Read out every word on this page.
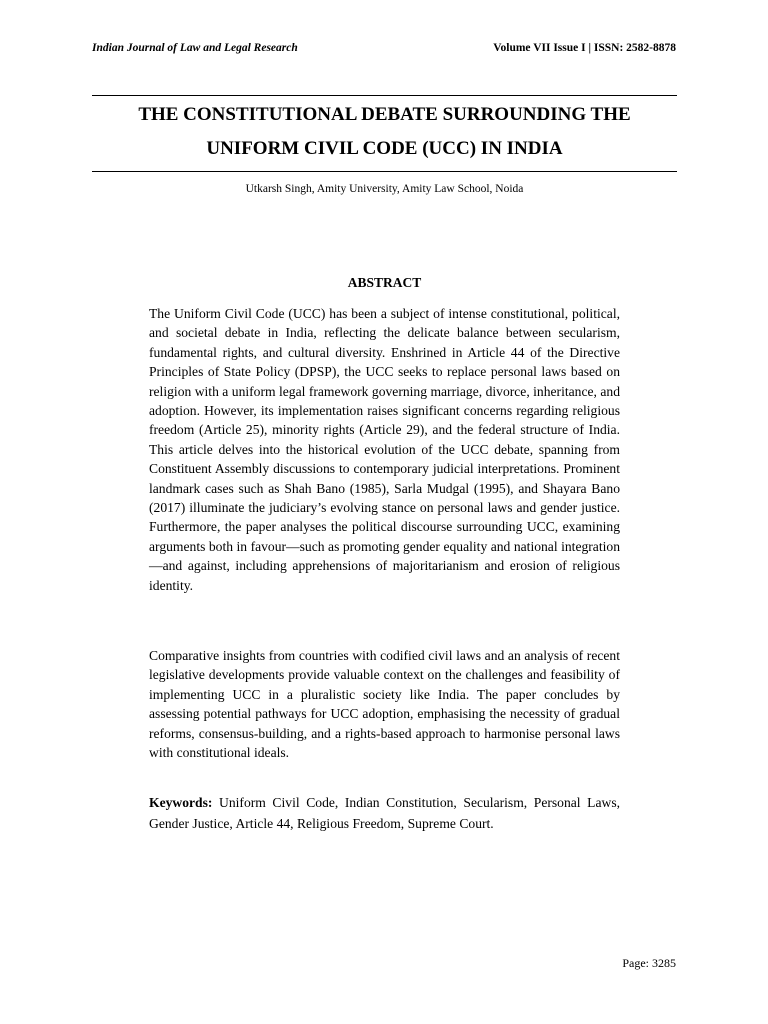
Indian Journal of Law and Legal Research	Volume VII Issue I | ISSN: 2582-8878
THE CONSTITUTIONAL DEBATE SURROUNDING THE
UNIFORM CIVIL CODE (UCC) IN INDIA
Utkarsh Singh, Amity University, Amity Law School, Noida
ABSTRACT

The Uniform Civil Code (UCC) has been a subject of intense constitutional, political, and societal debate in India, reflecting the delicate balance between secularism, fundamental rights, and cultural diversity. Enshrined in Article 44 of the Directive Principles of State Policy (DPSP), the UCC seeks to replace personal laws based on religion with a uniform legal framework governing marriage, divorce, inheritance, and adoption. However, its implementation raises significant concerns regarding religious freedom (Article 25), minority rights (Article 29), and the federal structure of India. This article delves into the historical evolution of the UCC debate, spanning from Constituent Assembly discussions to contemporary judicial interpretations. Prominent landmark cases such as Shah Bano (1985), Sarla Mudgal (1995), and Shayara Bano (2017) illuminate the judiciary’s evolving stance on personal laws and gender justice. Furthermore, the paper analyses the political discourse surrounding UCC, examining arguments both in favour—such as promoting gender equality and national integration—and against, including apprehensions of majoritarianism and erosion of religious identity.

Comparative insights from countries with codified civil laws and an analysis of recent legislative developments provide valuable context on the challenges and feasibility of implementing UCC in a pluralistic society like India. The paper concludes by assessing potential pathways for UCC adoption, emphasising the necessity of gradual reforms, consensus-building, and a rights-based approach to harmonise personal laws with constitutional ideals.

Keywords: Uniform Civil Code, Indian Constitution, Secularism, Personal Laws, Gender Justice, Article 44, Religious Freedom, Supreme Court.

Page: 3285
